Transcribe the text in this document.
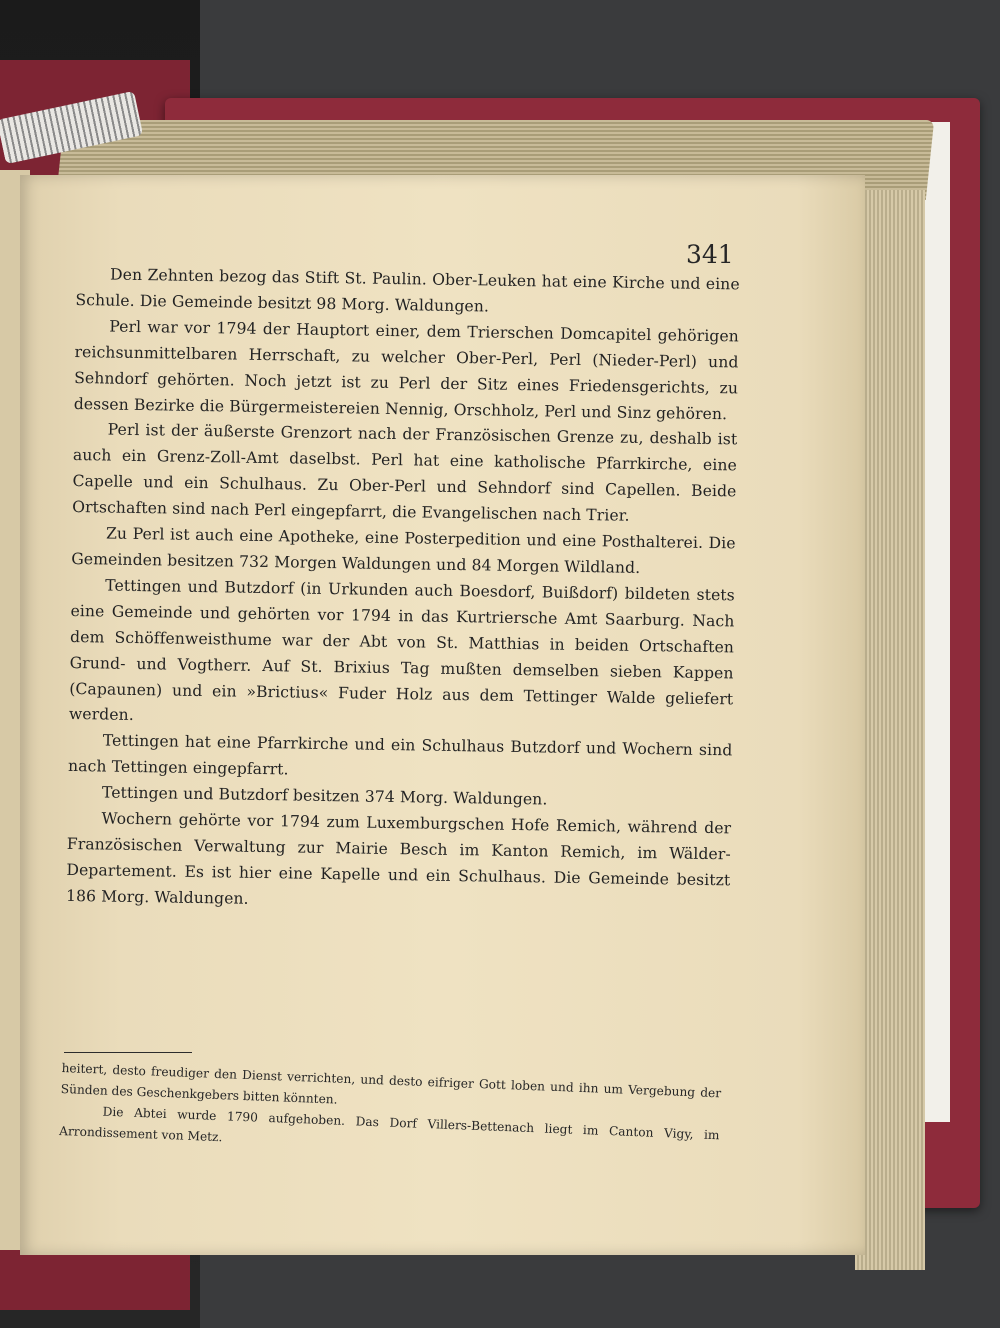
341

Den Zehnten bezog das Stift St. Paulin. Ober-Leuken hat eine Kirche und eine Schule. Die Gemeinde besitzt 98 Morg. Waldungen.

Perl war vor 1794 der Hauptort einer, dem Trierschen Domcapitel gehörigen reichsunmittelbaren Herrschaft, zu welcher Ober-Perl, Perl (Nieder-Perl) und Sehndorf gehörten. Noch jetzt ist zu Perl der Sitz eines Friedensgerichts, zu dessen Bezirke die Bürgermeistereien Nennig, Orschholz, Perl und Sinz gehören.

Perl ist der äußerste Grenzort nach der Französischen Grenze zu, deshalb ist auch ein Grenz-Zoll-Amt daselbst. Perl hat eine katholische Pfarrkirche, eine Capelle und ein Schulhaus. Zu Ober-Perl und Sehndorf sind Capellen. Beide Ortschaften sind nach Perl eingepfarrt, die Evangelischen nach Trier.

Zu Perl ist auch eine Apotheke, eine Posterpedition und eine Posthalterei. Die Gemeinden besitzen 732 Morgen Waldungen und 84 Morgen Wildland.

Tettingen und Butzdorf (in Urkunden auch Boesdorf, Buißdorf) bildeten stets eine Gemeinde und gehörten vor 1794 in das Kurtriersche Amt Saarburg. Nach dem Schöffenweisthume war der Abt von St. Matthias in beiden Ortschaften Grund- und Vogtherr. Auf St. Brixius Tag mußten demselben sieben Kappen (Capaunen) und ein »Brictius« Fuder Holz aus dem Tettinger Walde geliefert werden.

Tettingen hat eine Pfarrkirche und ein Schulhaus Butzdorf und Wochern sind nach Tettingen eingepfarrt.

Tettingen und Butzdorf besitzen 374 Morg. Waldungen.

Wochern gehörte vor 1794 zum Luxemburgschen Hofe Remich, während der Französischen Verwaltung zur Mairie Besch im Kanton Remich, im Wälder-Departement. Es ist hier eine Kapelle und ein Schulhaus. Die Gemeinde besitzt 186 Morg. Waldungen.

heitert, desto freudiger den Dienst verrichten, und desto eifriger Gott loben und ihn um Vergebung der Sünden des Geschenkgebers bitten könnten.

Die Abtei wurde 1790 aufgehoben. Das Dorf Villers-Bettenach liegt im Canton Vigy, im Arrondissement von Metz.
